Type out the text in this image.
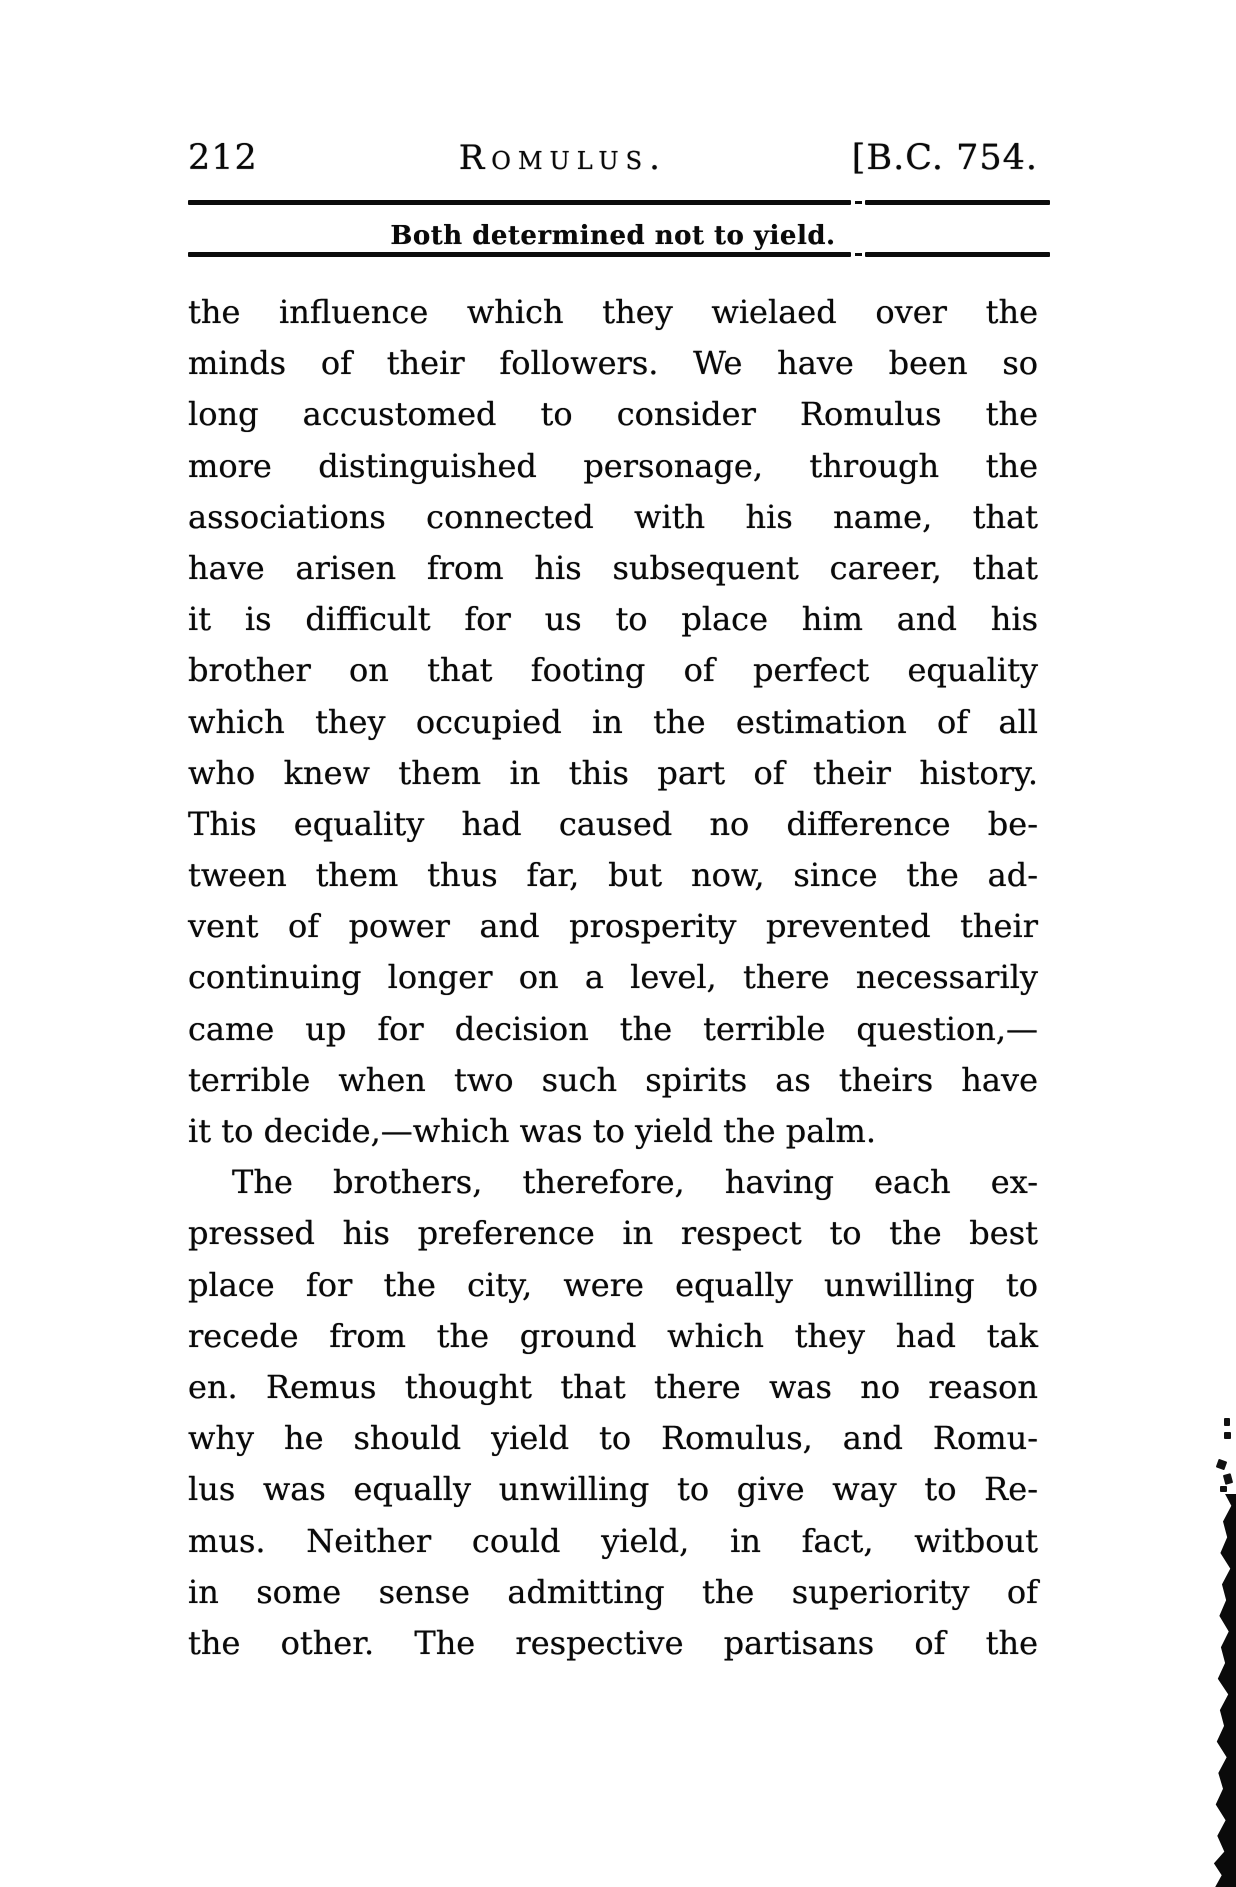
212	Romulus.	[B.C. 754.
Both determined not to yield.
the influence which they wielaed over the
minds of their followers. We have been so
long accustomed to consider Romulus the
more distinguished personage, through the
associations connected with his name, that
have arisen from his subsequent career, that
it is difficult for us to place him and his
brother on that footing of perfect equality
which they occupied in the estimation of all
who knew them in this part of their history.
This equality had caused no difference be-
tween them thus far, but now, since the ad-
vent of power and prosperity prevented their
continuing longer on a level, there necessarily
came up for decision the terrible question,—
terrible when two such spirits as theirs have
it to decide,—which was to yield the palm.
The brothers, therefore, having each ex-
pressed his preference in respect to the best
place for the city, were equally unwilling to
recede from the ground which they had tak
en. Remus thought that there was no reason
why he should yield to Romulus, and Romu-
lus was equally unwilling to give way to Re-
mus. Neither could yield, in fact, witbout
in some sense admitting the superiority of
the other. The respective partisans of the
